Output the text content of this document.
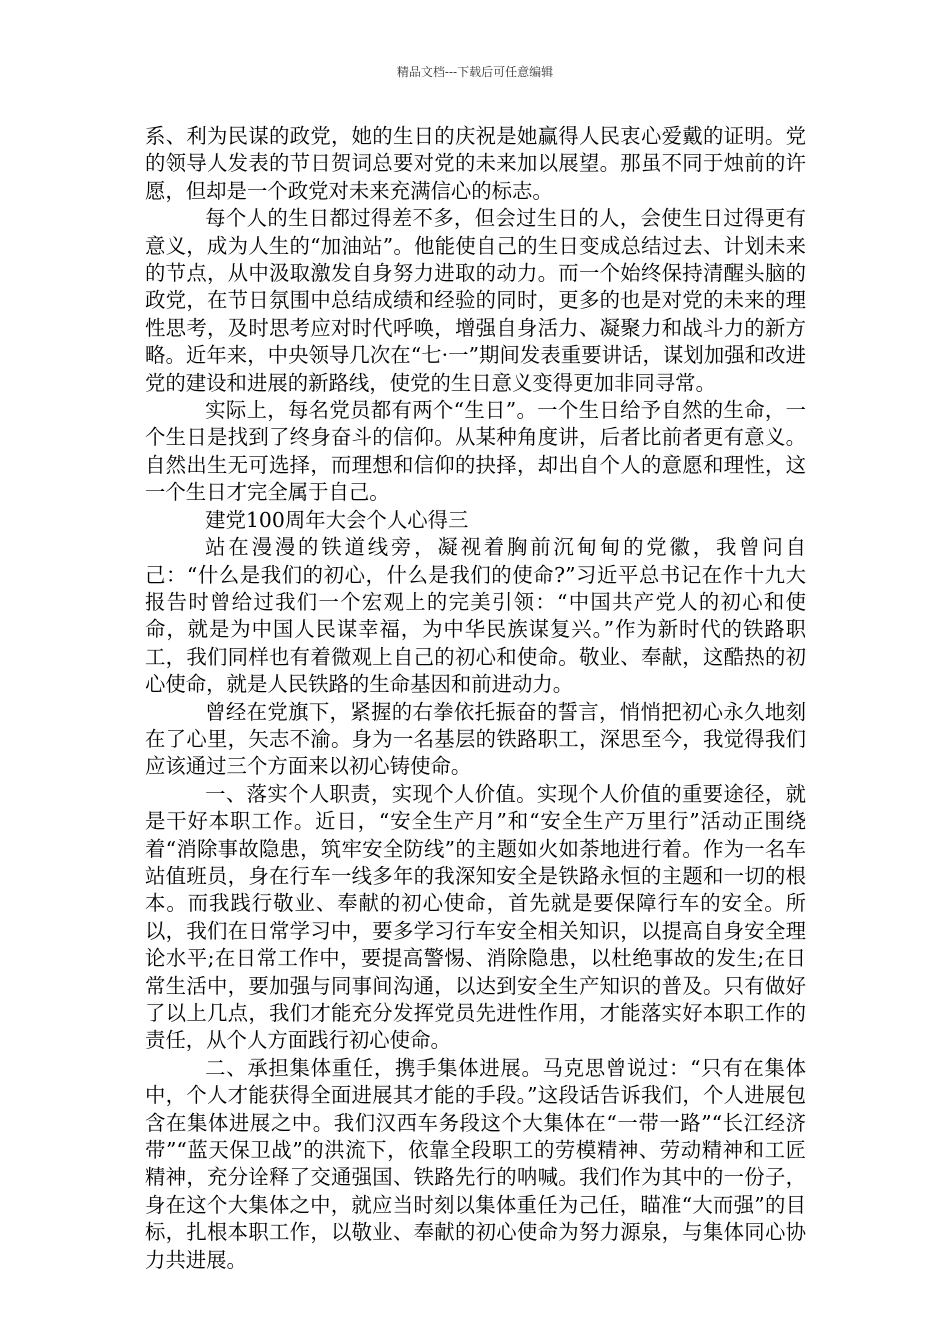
精品文档---下载后可任意编辑

系、利为民谋的政党，她的生日的庆祝是她赢得人民衷心爱戴的证明。党的领导人发表的节日贺词总要对党的未来加以展望。那虽不同于烛前的许愿，但却是一个政党对未来充满信心的标志。

每个人的生日都过得差不多，但会过生日的人，会使生日过得更有意义，成为人生的“加油站”。他能使自己的生日变成总结过去、计划未来的节点，从中汲取激发自身努力进取的动力。而一个始终保持清醒头脑的政党，在节日氛围中总结成绩和经验的同时，更多的也是对党的未来的理性思考，及时思考应对时代呼唤，增强自身活力、凝聚力和战斗力的新方略。近年来，中央领导几次在“七·一”期间发表重要讲话，谋划加强和改进党的建设和进展的新路线，使党的生日意义变得更加非同寻常。

实际上，每名党员都有两个“生日”。一个生日给予自然的生命，一个生日是找到了终身奋斗的信仰。从某种角度讲，后者比前者更有意义。自然出生无可选择，而理想和信仰的抉择，却出自个人的意愿和理性，这一个生日才完全属于自己。

建党100周年大会个人心得三

站在漫漫的铁道线旁，凝视着胸前沉甸甸的党徽，我曾问自己：“什么是我们的初心，什么是我们的使命?”习近平总书记在作十九大报告时曾给过我们一个宏观上的完美引领：“中国共产党人的初心和使命，就是为中国人民谋幸福，为中华民族谋复兴。”作为新时代的铁路职工，我们同样也有着微观上自己的初心和使命。敬业、奉献，这酷热的初心使命，就是人民铁路的生命基因和前进动力。

曾经在党旗下，紧握的右拳依托振奋的誓言，悄悄把初心永久地刻在了心里，矢志不渝。身为一名基层的铁路职工，深思至今，我觉得我们应该通过三个方面来以初心铸使命。

一、落实个人职责，实现个人价值。实现个人价值的重要途径，就是干好本职工作。近日，“安全生产月”和“安全生产万里行”活动正围绕着“消除事故隐患，筑牢安全防线”的主题如火如荼地进行着。作为一名车站值班员，身在行车一线多年的我深知安全是铁路永恒的主题和一切的根本。而我践行敬业、奉献的初心使命，首先就是要保障行车的安全。所以，我们在日常学习中，要多学习行车安全相关知识，以提高自身安全理论水平;在日常工作中，要提高警惕、消除隐患，以杜绝事故的发生;在日常生活中，要加强与同事间沟通，以达到安全生产知识的普及。只有做好了以上几点，我们才能充分发挥党员先进性作用，才能落实好本职工作的责任，从个人方面践行初心使命。

二、承担集体重任，携手集体进展。马克思曾说过：“只有在集体中，个人才能获得全面进展其才能的手段。”这段话告诉我们，个人进展包含在集体进展之中。我们汉西车务段这个大集体在“一带一路”“长江经济带”“蓝天保卫战”的洪流下，依靠全段职工的劳模精神、劳动精神和工匠精神，充分诠释了交通强国、铁路先行的呐喊。我们作为其中的一份子，身在这个大集体之中，就应当时刻以集体重任为己任，瞄准“大而强”的目标，扎根本职工作，以敬业、奉献的初心使命为努力源泉，与集体同心协力共进展。
